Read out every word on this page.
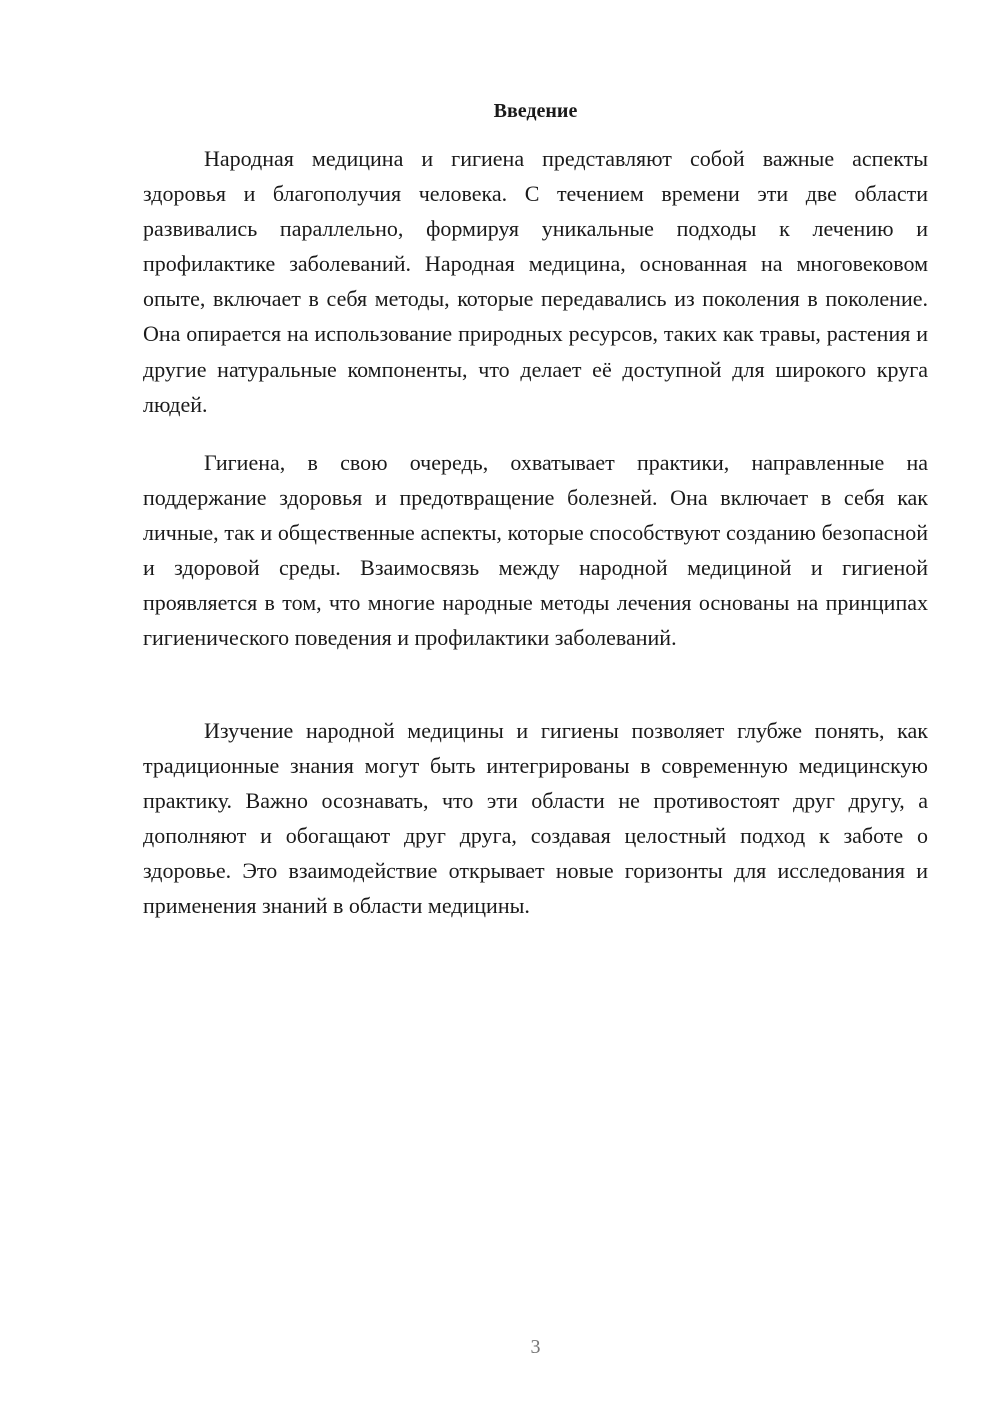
Введение

Народная медицина и гигиена представляют собой важные аспекты здоровья и благополучия человека. С течением времени эти две области развивались параллельно, формируя уникальные подходы к лечению и профилактике заболеваний. Народная медицина, основанная на многовековом опыте, включает в себя методы, которые передавались из поколения в поколение. Она опирается на использование природных ресурсов, таких как травы, растения и другие натуральные компоненты, что делает её доступной для широкого круга людей.

Гигиена, в свою очередь, охватывает практики, направленные на поддержание здоровья и предотвращение болезней. Она включает в себя как личные, так и общественные аспекты, которые способствуют созданию безопасной и здоровой среды. Взаимосвязь между народной медициной и гигиеной проявляется в том, что многие народные методы лечения основаны на принципах гигиенического поведения и профилактики заболеваний.

Изучение народной медицины и гигиены позволяет глубже понять, как традиционные знания могут быть интегрированы в современную медицинскую практику. Важно осознавать, что эти области не противостоят друг другу, а дополняют и обогащают друг друга, создавая целостный подход к заботе о здоровье. Это взаимодействие открывает новые горизонты для исследования и применения знаний в области медицины.

3
